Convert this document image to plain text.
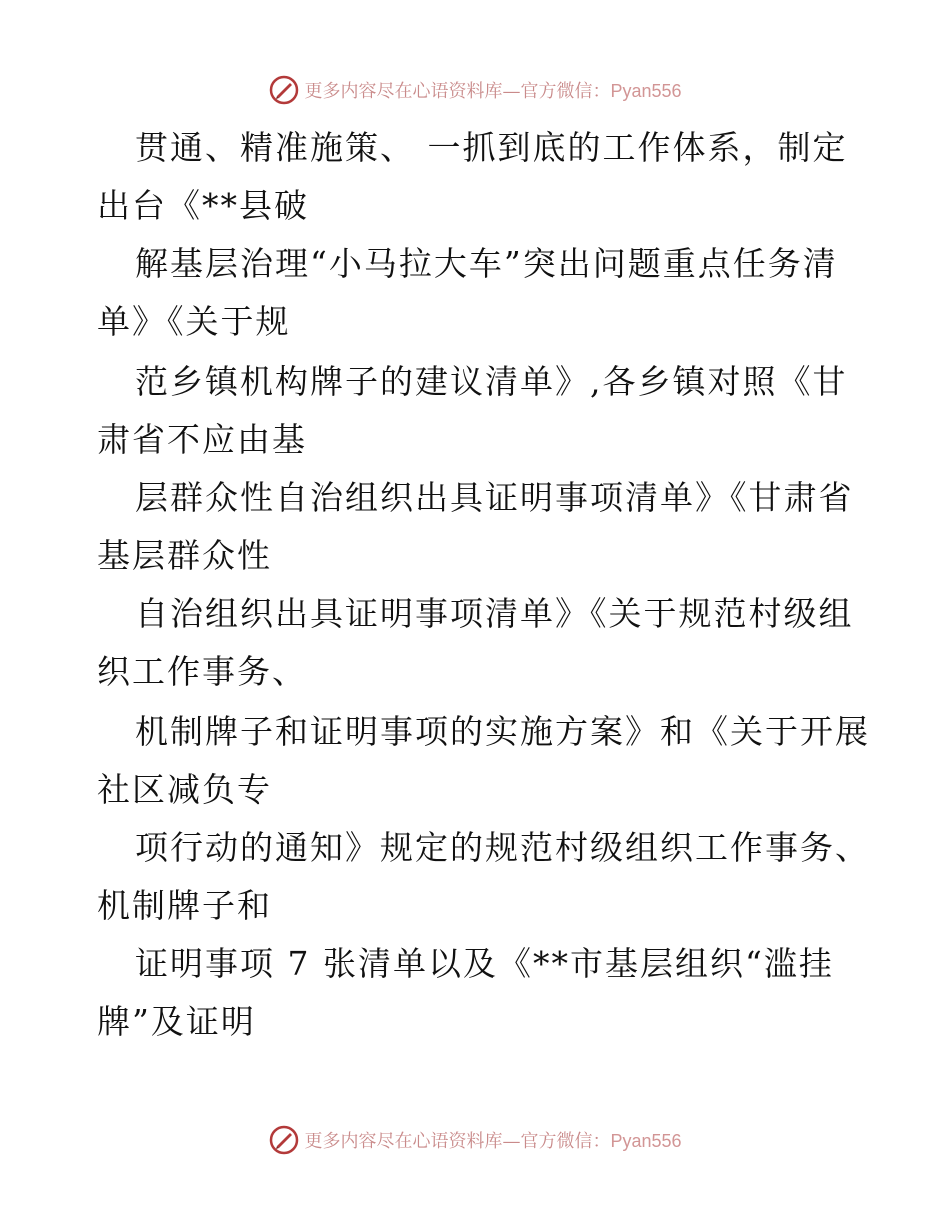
更多内容尽在心语资料库—官方微信：Pyan556
贯通、精准施策、 一抓到底的工作体系，制定
出台《**县破
解基层治理“小马拉大车”突出问题重点任务清
单》《关于规
范乡镇机构牌子的建议清单》,各乡镇对照《甘
肃省不应由基
层群众性自治组织出具证明事项清单》《甘肃省
基层群众性
自治组织出具证明事项清单》《关于规范村级组
织工作事务、
机制牌子和证明事项的实施方案》和《关于开展
社区减负专
项行动的通知》规定的规范村级组织工作事务、
机制牌子和
证明事项 7 张清单以及《**市基层组织“滥挂
牌”及证明
更多内容尽在心语资料库—官方微信：Pyan556
